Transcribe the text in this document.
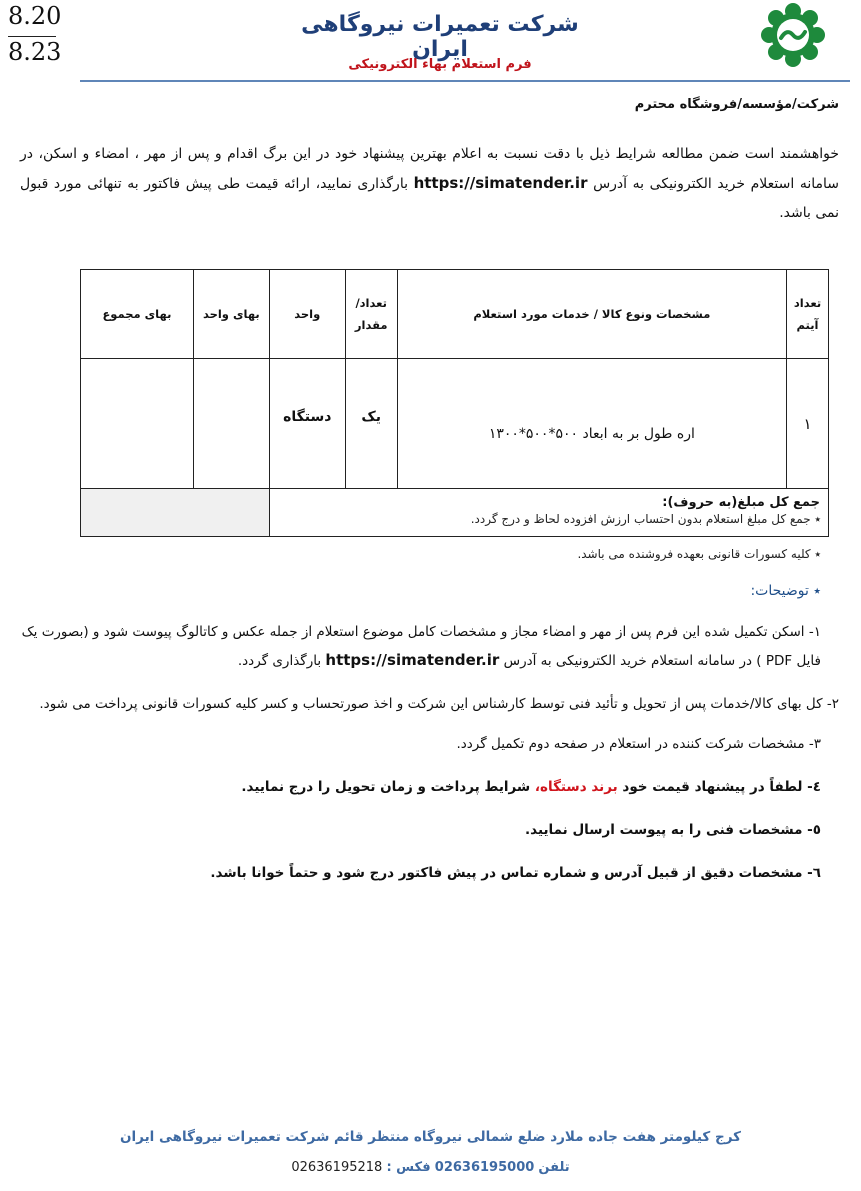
8.20
8.23
شرکت تعمیرات نیروگاهی ایران
فرم استعلام بهاء الکترونیکی
شرکت/مؤسسه/فروشگاه محترم
خواهشمند است ضمن مطالعه شرایط ذیل با دقت نسبت به اعلام بهترین پیشنهاد خود در این برگ اقدام و پس از مهر ، امضاء و اسکن، در سامانه استعلام خرید الکترونیکی به آدرس https://simatender.ir بارگذاری نمایید، ارائه قیمت طی پیش فاکتور به تنهائی مورد قبول نمی باشد.
تعداد آیتم	مشخصات ونوع کالا / خدمات مورد استعلام	تعداد/ مقدار	واحد	بهای واحد	بهای مجموع
۱	اره طول بر به ابعاد ۵۰۰*۵۰۰*۱۳۰۰	یک	دستگاه		
جمع کل مبلغ(به حروف):					
٭ جمع کل مبلغ استعلام بدون احتساب ارزش افزوده لحاظ و درج گردد.
٭ کلیه کسورات قانونی بعهده فروشنده می باشد.
٭ توضیحات:
۱- اسکن تکمیل شده این فرم پس از مهر و امضاء مجاز و مشخصات کامل موضوع استعلام از جمله عکس و کاتالوگ پیوست شود و (بصورت یک فایل PDF ) در سامانه استعلام خرید الکترونیکی به آدرس https://simatender.ir بارگذاری گردد.
۲- کل بهای کالا/خدمات پس از تحویل و تأئید فنی توسط کارشناس این شرکت و اخذ صورتحساب و کسر کلیه کسورات قانونی پرداخت می شود.
۳- مشخصات شرکت کننده در استعلام در صفحه دوم تکمیل گردد.
٤- لطفاً در پیشنهاد قیمت خود برند دستگاه، شرایط پرداخت و زمان تحویل را درج نمایید.
٥- مشخصات فنی را به پیوست ارسال نمایید.
٦- مشخصات دقیق از قبیل آدرس و شماره تماس در پیش فاکتور درج شود و حتماً خوانا باشد.
کرج کیلومتر هفت جاده ملارد ضلع شمالی نیروگاه منتظر قائم شرکت تعمیرات نیروگاهی ایران
تلفن 02636195000 فکس : 02636195218
